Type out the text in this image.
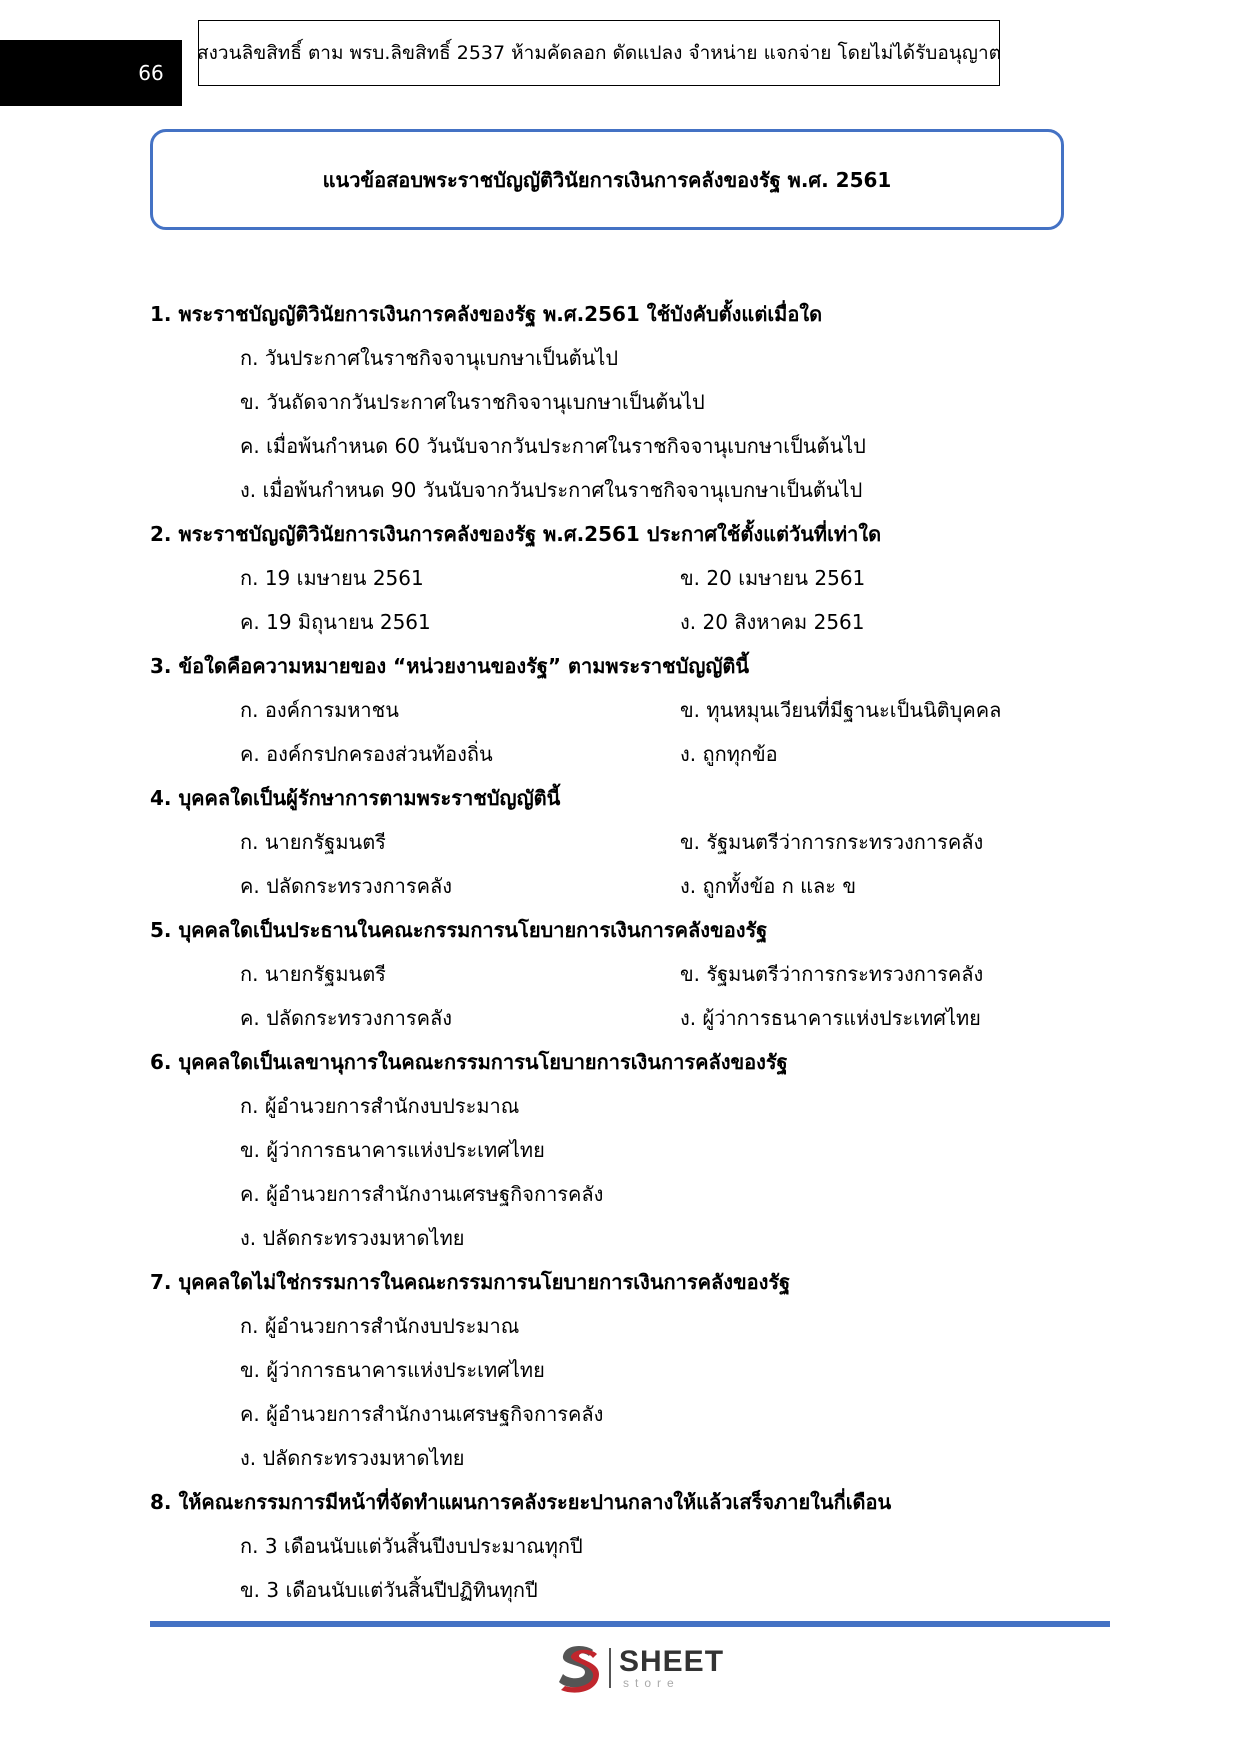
66
สงวนลิขสิทธิ์ ตาม พรบ.ลิขสิทธิ์ 2537 ห้ามคัดลอก ดัดแปลง จำหน่าย แจกจ่าย โดยไม่ได้รับอนุญาต
แนวข้อสอบพระราชบัญญัติวินัยการเงินการคลังของรัฐ พ.ศ. 2561
1. พระราชบัญญัติวินัยการเงินการคลังของรัฐ พ.ศ.2561 ใช้บังคับตั้งแต่เมื่อใด
ก. วันประกาศในราชกิจจานุเบกษาเป็นต้นไป
ข. วันถัดจากวันประกาศในราชกิจจานุเบกษาเป็นต้นไป
ค. เมื่อพ้นกำหนด 60 วันนับจากวันประกาศในราชกิจจานุเบกษาเป็นต้นไป
ง. เมื่อพ้นกำหนด 90 วันนับจากวันประกาศในราชกิจจานุเบกษาเป็นต้นไป
2. พระราชบัญญัติวินัยการเงินการคลังของรัฐ พ.ศ.2561 ประกาศใช้ตั้งแต่วันที่เท่าใด
ก. 19 เมษายน 2561	ข. 20 เมษายน 2561
ค. 19 มิถุนายน 2561	ง. 20 สิงหาคม 2561
3. ข้อใดคือความหมายของ “หน่วยงานของรัฐ” ตามพระราชบัญญัตินี้
ก. องค์การมหาชน	ข. ทุนหมุนเวียนที่มีฐานะเป็นนิติบุคคล
ค. องค์กรปกครองส่วนท้องถิ่น	ง. ถูกทุกข้อ
4. บุคคลใดเป็นผู้รักษาการตามพระราชบัญญัตินี้
ก. นายกรัฐมนตรี	ข. รัฐมนตรีว่าการกระทรวงการคลัง
ค. ปลัดกระทรวงการคลัง	ง. ถูกทั้งข้อ ก และ ข
5. บุคคลใดเป็นประธานในคณะกรรมการนโยบายการเงินการคลังของรัฐ
ก. นายกรัฐมนตรี	ข. รัฐมนตรีว่าการกระทรวงการคลัง
ค. ปลัดกระทรวงการคลัง	ง. ผู้ว่าการธนาคารแห่งประเทศไทย
6. บุคคลใดเป็นเลขานุการในคณะกรรมการนโยบายการเงินการคลังของรัฐ
ก. ผู้อำนวยการสำนักงบประมาณ
ข. ผู้ว่าการธนาคารแห่งประเทศไทย
ค. ผู้อำนวยการสำนักงานเศรษฐกิจการคลัง
ง. ปลัดกระทรวงมหาดไทย
7. บุคคลใดไม่ใช่กรรมการในคณะกรรมการนโยบายการเงินการคลังของรัฐ
ก. ผู้อำนวยการสำนักงบประมาณ
ข. ผู้ว่าการธนาคารแห่งประเทศไทย
ค. ผู้อำนวยการสำนักงานเศรษฐกิจการคลัง
ง. ปลัดกระทรวงมหาดไทย
8. ให้คณะกรรมการมีหน้าที่จัดทำแผนการคลังระยะปานกลางให้แล้วเสร็จภายในกี่เดือน
ก. 3 เดือนนับแต่วันสิ้นปีงบประมาณทุกปี
ข. 3 เดือนนับแต่วันสิ้นปีปฏิทินทุกปี
SHEET
store
